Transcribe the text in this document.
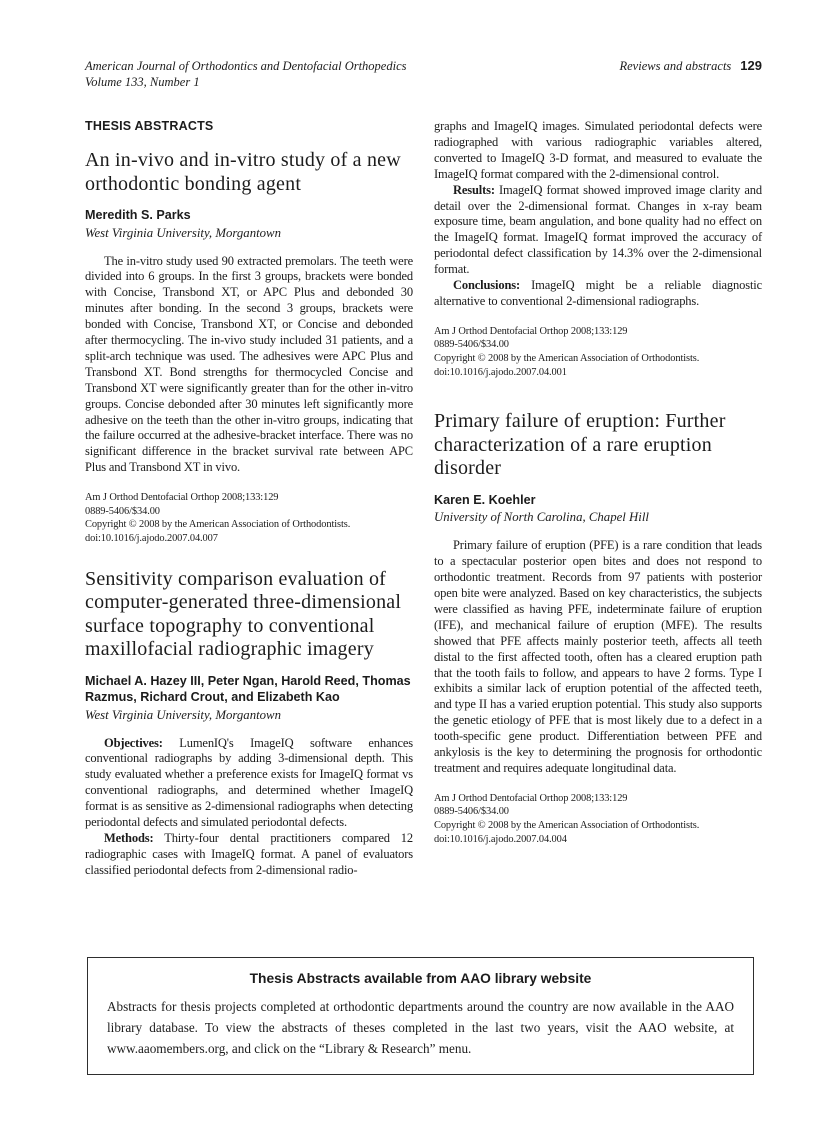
American Journal of Orthodontics and Dentofacial Orthopedics
Volume 133, Number 1
Reviews and abstracts 129
THESIS ABSTRACTS
An in-vivo and in-vitro study of a new orthodontic bonding agent
Meredith S. Parks
West Virginia University, Morgantown

The in-vitro study used 90 extracted premolars. The teeth were divided into 6 groups. In the first 3 groups, brackets were bonded with Concise, Transbond XT, or APC Plus and debonded 30 minutes after bonding. In the second 3 groups, brackets were bonded with Concise, Transbond XT, or Concise and debonded after thermocycling. The in-vivo study included 31 patients, and a split-arch technique was used. The adhesives were APC Plus and Transbond XT. Bond strengths for thermocycled Concise and Transbond XT were significantly greater than for the other in-vitro groups. Concise debonded after 30 minutes left significantly more adhesive on the teeth than the other in-vitro groups, indicating that the failure occurred at the adhesive-bracket interface. There was no significant difference in the bracket survival rate between APC Plus and Transbond XT in vivo.

Am J Orthod Dentofacial Orthop 2008;133:129
0889-5406/$34.00
Copyright © 2008 by the American Association of Orthodontists.
doi:10.1016/j.ajodo.2007.04.007
Sensitivity comparison evaluation of computer-generated three-dimensional surface topography to conventional maxillofacial radiographic imagery
Michael A. Hazey III, Peter Ngan, Harold Reed, Thomas Razmus, Richard Crout, and Elizabeth Kao
West Virginia University, Morgantown

Objectives: LumenIQ's ImageIQ software enhances conventional radiographs by adding 3-dimensional depth. This study evaluated whether a preference exists for ImageIQ format vs conventional radiographs, and determined whether ImageIQ format is as sensitive as 2-dimensional radiographs when detecting periodontal defects and simulated periodontal defects.

Methods: Thirty-four dental practitioners compared 12 radiographic cases with ImageIQ format. A panel of evaluators classified periodontal defects from 2-dimensional radio-

graphs and ImageIQ images. Simulated periodontal defects were radiographed with various radiographic variables altered, converted to ImageIQ 3-D format, and measured to evaluate the ImageIQ format compared with the 2-dimensional control.

Results: ImageIQ format showed improved image clarity and detail over the 2-dimensional format. Changes in x-ray beam exposure time, beam angulation, and bone quality had no effect on the ImageIQ format. ImageIQ format improved the accuracy of periodontal defect classification by 14.3% over the 2-dimensional format.

Conclusions: ImageIQ might be a reliable diagnostic alternative to conventional 2-dimensional radiographs.

Am J Orthod Dentofacial Orthop 2008;133:129
0889-5406/$34.00
Copyright © 2008 by the American Association of Orthodontists.
doi:10.1016/j.ajodo.2007.04.001
Primary failure of eruption: Further characterization of a rare eruption disorder
Karen E. Koehler
University of North Carolina, Chapel Hill

Primary failure of eruption (PFE) is a rare condition that leads to a spectacular posterior open bites and does not respond to orthodontic treatment. Records from 97 patients with posterior open bite were analyzed. Based on key characteristics, the subjects were classified as having PFE, indeterminate failure of eruption (IFE), and mechanical failure of eruption (MFE). The results showed that PFE affects mainly posterior teeth, affects all teeth distal to the first affected tooth, often has a cleared eruption path that the tooth fails to follow, and appears to have 2 forms. Type I exhibits a similar lack of eruption potential of the affected teeth, and type II has a varied eruption potential. This study also supports the genetic etiology of PFE that is most likely due to a defect in a tooth-specific gene product. Differentiation between PFE and ankylosis is the key to determining the prognosis for orthodontic treatment and requires adequate longitudinal data.

Am J Orthod Dentofacial Orthop 2008;133:129
0889-5406/$34.00
Copyright © 2008 by the American Association of Orthodontists.
doi:10.1016/j.ajodo.2007.04.004
Thesis Abstracts available from AAO library website

Abstracts for thesis projects completed at orthodontic departments around the country are now available in the AAO library database. To view the abstracts of theses completed in the last two years, visit the AAO website, at www.aaomembers.org, and click on the “Library & Research” menu.
